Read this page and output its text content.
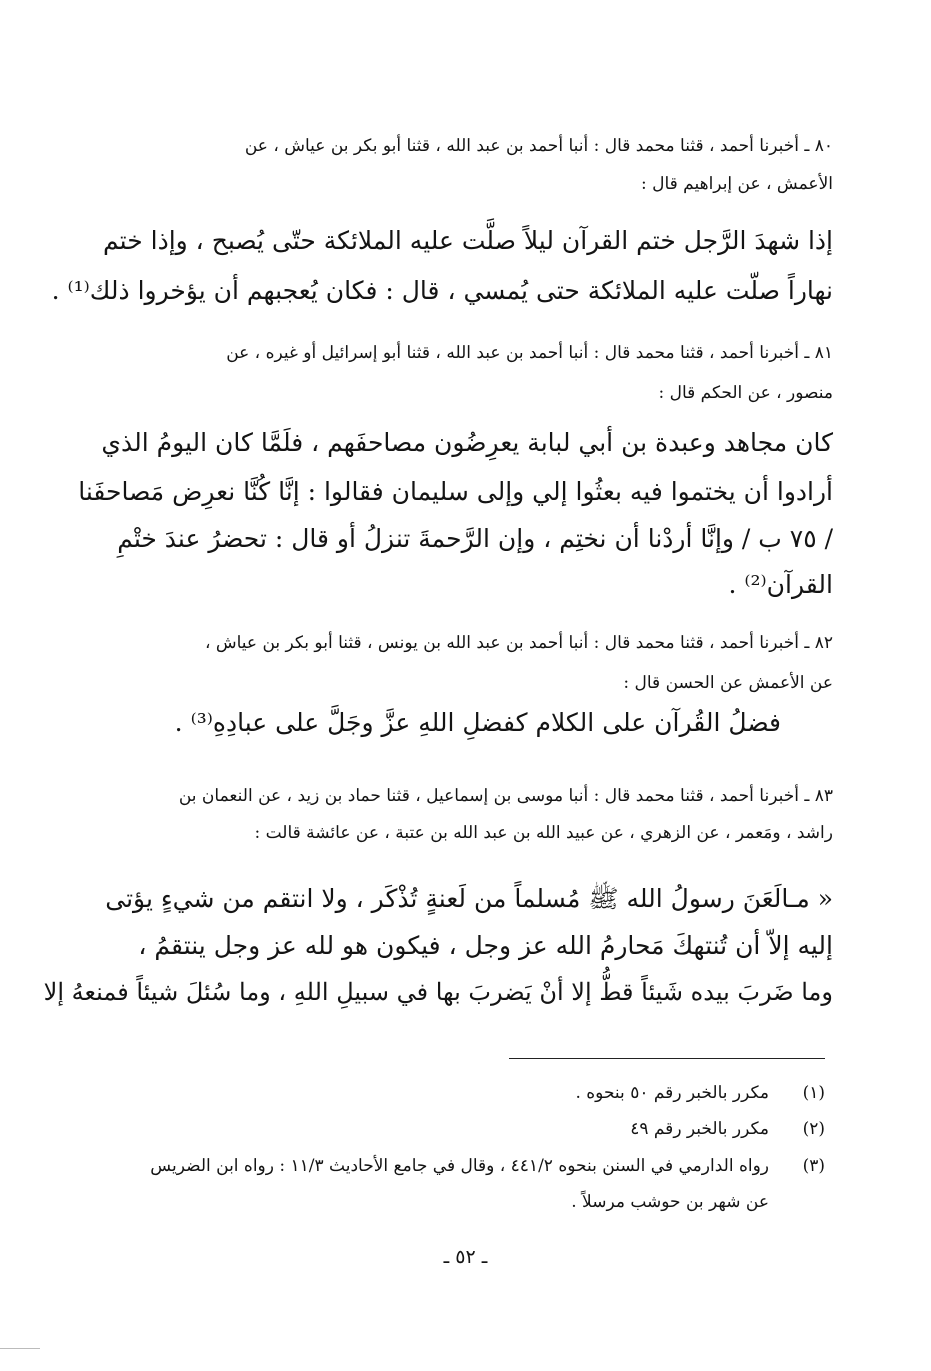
٨٠ ـ أخبرنا أحمد ، قثنا محمد قال : أنبا أحمد بن عبد الله ، قثنا أبو بكر بن عياش ، عن
الأعمش ، عن إبراهيم قال :
إذا شهدَ الرَّجل ختم القرآن ليلاً صلَّت عليه الملائكة حتّى يُصبح ، وإذا ختم
نهاراً صلّت عليه الملائكة حتى يُمسي ، قال : فكان يُعجبهم أن يؤخروا ذلك⁽¹⁾ .
٨١ ـ أخبرنا أحمد ، قثنا محمد قال : أنبا أحمد بن عبد الله ، قثنا أبو إسرائيل أو غيره ، عن
منصور ، عن الحكم قال :
كان مجاهد وعبدة بن أبي لبابة يعرِضُون مصاحفَهم ، فلَمَّا كان اليومُ الذي
أرادوا أن يختموا فيه بعثُوا إلي وإلى سليمان فقالوا : إنَّا كُنَّا نعرِض مَصاحفَنا
/ ٧٥ ب / وإنَّا أردْنا أن نختِم ، وإن الرَّحمةَ تنزلُ أو قال : تحضرُ عندَ ختْمِ
القرآن⁽²⁾ .
٨٢ ـ أخبرنا أحمد ، قثنا محمد قال : أنبا أحمد بن عبد الله بن يونس ، قثنا أبو بكر بن عياش ،
عن الأعمش عن الحسن قال :
فضلُ القُرآن على الكلام كفضلِ اللهِ عزَّ وجَلَّ على عبادِهِ⁽³⁾ .
٨٣ ـ أخبرنا أحمد ، قثنا محمد قال : أنبا موسى بن إسماعيل ، قثنا حماد بن زيد ، عن النعمان بن
راشد ، ومَعمر ، عن الزهري ، عن عبيد الله بن عبد الله بن عتبة ، عن عائشة قالت :
« مـالَعَنَ رسولُ الله ﷺ مُسلماً من لَعنةٍ تُذْكَر ، ولا انتقم من شيءٍ يؤتى
إليه إلاّ أن تُنتهكَ مَحارمُ الله عز وجل ، فيكون هو لله عز وجل ينتقمُ ،
وما ضَربَ بيده شَيئاً قطُّ إلا أنْ يَضربَ بها في سبيلِ اللهِ ، وما سُئلَ شيئاً فمنعهُ إلا
(١)
مكرر بالخبر رقم ٥٠ بنحوه .
(٢)
مكرر بالخبر رقم ٤٩
(٣)
رواه الدارمي في السنن بنحوه ٤٤١/٢ ، وقال في جامع الأحاديث ١١/٣ : رواه ابن الضريس
عن شهر بن حوشب مرسلاً .
ـ ٥٢ ـ
